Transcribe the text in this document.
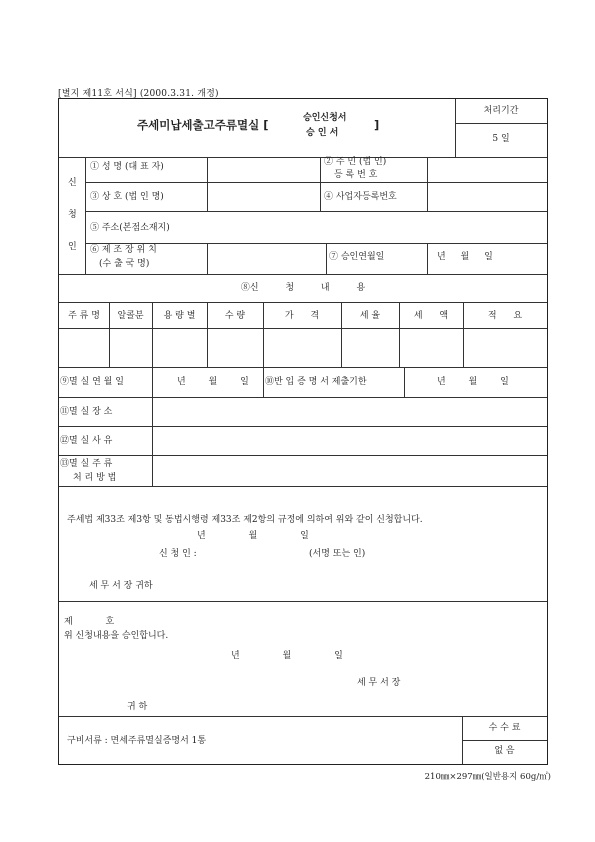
[별지 제11호 서식] (2000.3.31. 개정)
주세미납세출고주류멸실 [	승인신청서
승 인 서
]
처리기간
5 일
신
청
인
① 성 명 (대 표 자)	② 주 민 (법 인)
등 록 번 호
③ 상 호 (법 인 명)	④ 사업자등록번호
⑤ 주소(본점소재지)
⑥ 제 조 장 위 치
(수 출 국 명)
⑦ 승인연월일	년 월 일
⑧신 청 내 용
주 류 명	알콜분	용 량 별	수 량	가 격	세 율	세 액	적 요
⑨멸 실 연 월 일	년 월 일 ⑩반 입 증 명 서 제출기한	년 월 일
⑪멸 실 장 소
⑫멸 실 사 유
⑬멸 실 주 류
처 리 방 법
주세법 제33조 제3항 및 동법시행령 제33조 제2항의 규정에 의하여 위와 같이 신청합니다.
년 월 일
신 청 인 :	(서명 또는 인)
세 무 서 장 귀하
제 호
위 신청내용을 승인합니다.
년 월 일
세 무 서 장
귀 하
구비서류 : 면세주류멸실증명서 1통
수 수 료
없 음
210㎜×297㎜(일반용지 60g/㎡)
